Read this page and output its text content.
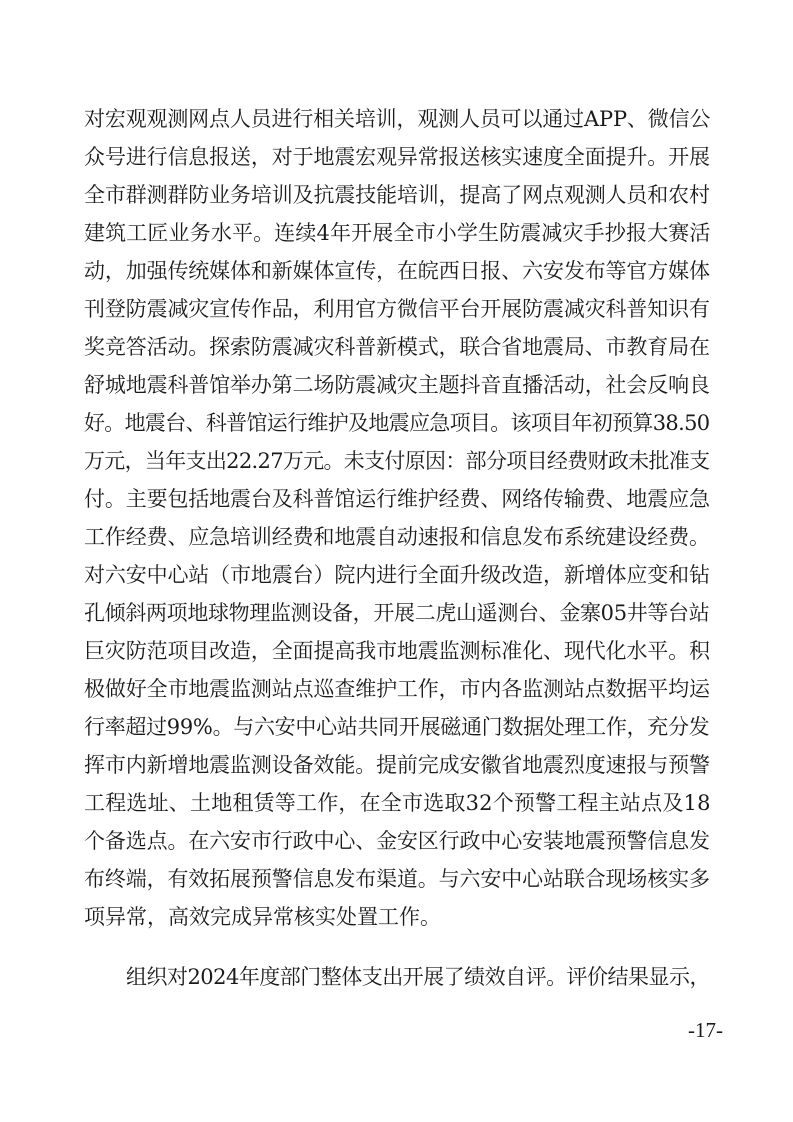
对宏观观测网点人员进行相关培训，观测人员可以通过APP、微信公
众号进行信息报送，对于地震宏观异常报送核实速度全面提升。开展
全市群测群防业务培训及抗震技能培训，提高了网点观测人员和农村
建筑工匠业务水平。连续4年开展全市小学生防震减灾手抄报大赛活
动，加强传统媒体和新媒体宣传，在皖西日报、六安发布等官方媒体
刊登防震减灾宣传作品，利用官方微信平台开展防震减灾科普知识有
奖竞答活动。探索防震减灾科普新模式，联合省地震局、市教育局在
舒城地震科普馆举办第二场防震减灾主题抖音直播活动，社会反响良
好。地震台、科普馆运行维护及地震应急项目。该项目年初预算38.50
万元，当年支出22.27万元。未支付原因：部分项目经费财政未批准支
付。主要包括地震台及科普馆运行维护经费、网络传输费、地震应急
工作经费、应急培训经费和地震自动速报和信息发布系统建设经费。
对六安中心站（市地震台）院内进行全面升级改造，新增体应变和钻
孔倾斜两项地球物理监测设备，开展二虎山遥测台、金寨05井等台站
巨灾防范项目改造，全面提高我市地震监测标准化、现代化水平。积
极做好全市地震监测站点巡查维护工作，市内各监测站点数据平均运
行率超过99%。与六安中心站共同开展磁通门数据处理工作，充分发
挥市内新增地震监测设备效能。提前完成安徽省地震烈度速报与预警
工程选址、土地租赁等工作，在全市选取32个预警工程主站点及18
个备选点。在六安市行政中心、金安区行政中心安装地震预警信息发
布终端，有效拓展预警信息发布渠道。与六安中心站联合现场核实多
项异常，高效完成异常核实处置工作。
组织对2024年度部门整体支出开展了绩效自评。评价结果显示，
-17-
